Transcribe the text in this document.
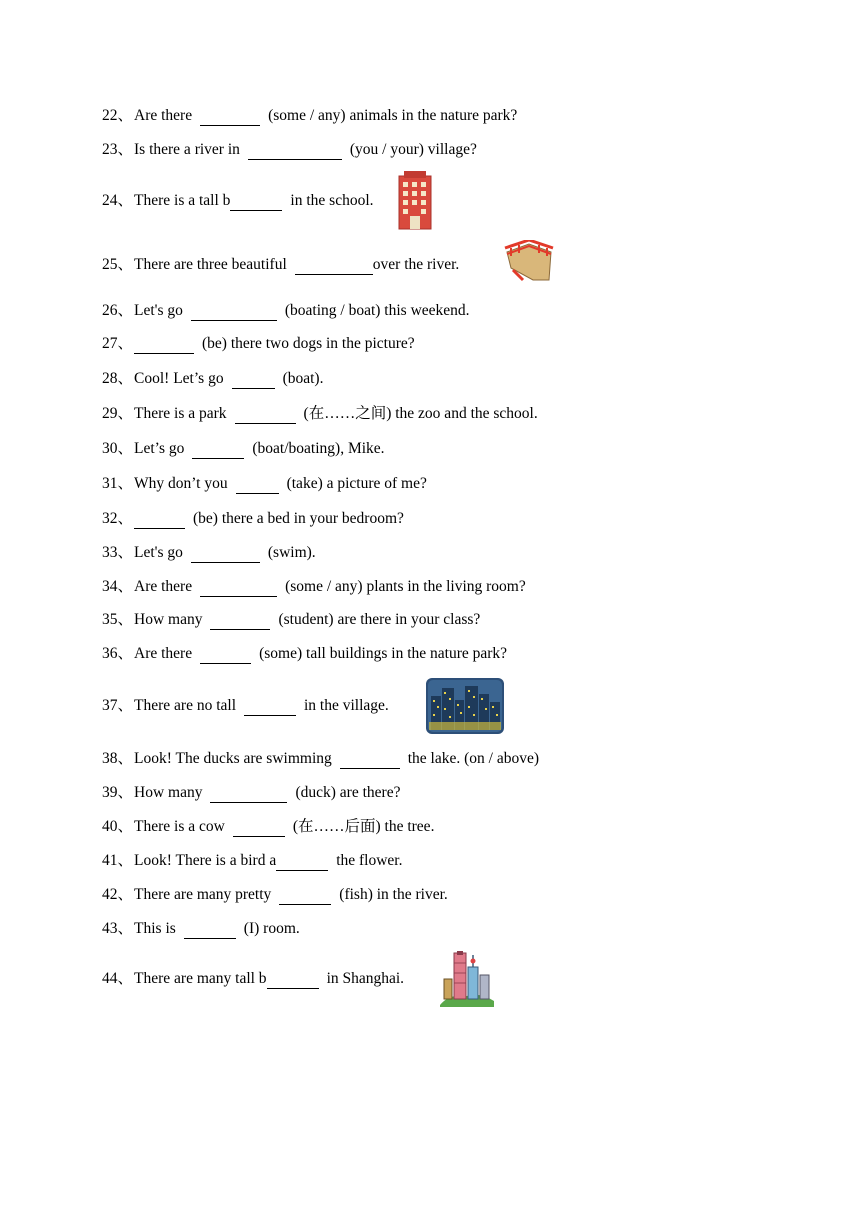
22 、 Are there	(some / any) animals in the nature park?
23 、 Is there a river in	(you / your) village?
24 、 There is a tall b	in the school.
25 、 There are three beautiful	over the river.
26 、 Let's go	(boating / boat) this weekend.
27 、	(be) there two dogs in the picture?
28 、 Cool! Let’s go	(boat).
29 、 There is a park	(在……之间) the zoo and the school.
30 、 Let’s go	(boat/boating), Mike.
31 、 Why don’t you	(take) a picture of me?
32 、	(be) there a bed in your bedroom?
33 、 Let's go	(swim).
34 、 Are there	(some / any) plants in the living room?
35 、 How many	(student) are there in your class?
36 、 Are there	(some) tall buildings in the nature park?
37 、 There are no tall	in the village.
38 、 Look! The ducks are swimming	the lake. (on / above)
39 、 How many	(duck) are there?
40 、 There is a cow	(在……后面) the tree.
41 、 Look! There is a bird a	the flower.
42 、 There are many pretty	(fish) in the river.
43 、 This is	(I) room.
44 、 There are many tall b	in Shanghai.
